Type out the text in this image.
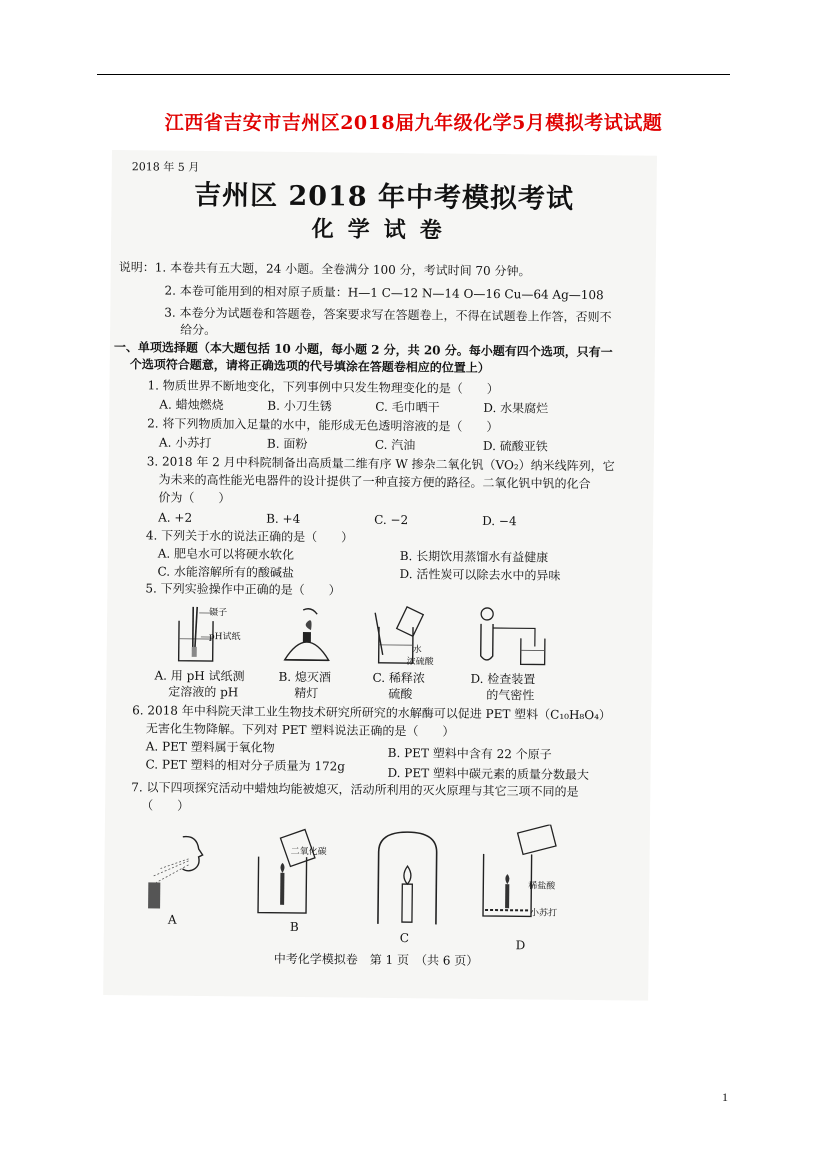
江西省吉安市吉州区2018届九年级化学5月模拟考试试题
2018 年 5 月
吉州区 2018 年中考模拟考试
化学试卷
说明：1. 本卷共有五大题，24 小题。全卷满分 100 分，考试时间 70 分钟。
2. 本卷可能用到的相对原子质量：H—1 C—12 N—14 O—16 Cu—64 Ag—108
3. 本卷分为试题卷和答题卷，答案要求写在答题卷上，不得在试题卷上作答，否则不
给分。
一、单项选择题（本大题包括 10 小题，每小题 2 分，共 20 分。每小题有四个选项，只有一
个选项符合题意，请将正确选项的代号填涂在答题卷相应的位置上）
1. 物质世界不断地变化，下列事例中只发生物理变化的是（　　）
A. 蜡烛燃烧	B. 小刀生锈	C. 毛巾晒干	D. 水果腐烂
2. 将下列物质加入足量的水中，能形成无色透明溶液的是（　　）
A. 小苏打	B. 面粉	C. 汽油	D. 硫酸亚铁
3. 2018 年 2 月中科院制备出高质量二维有序 W 掺杂二氧化钒（VO₂）纳米线阵列，它
为未来的高性能光电器件的设计提供了一种直接方便的路径。二氧化钒中钒的化合
价为（　　）
A. +2	B. +4	C. −2	D. −4
4. 下列关于水的说法正确的是（　　）
A. 肥皂水可以将硬水软化	B. 长期饮用蒸馏水有益健康
C. 水能溶解所有的酸碱盐	D. 活性炭可以除去水中的异味
5. 下列实验操作中正确的是（　　）
镊子
pH试纸
水
浓硫酸
A. 用 pH 试纸测
定溶液的 pH
B. 熄灭酒
精灯
C. 稀释浓
硫酸
D. 检查装置
的气密性
6. 2018 年中科院天津工业生物技术研究所研究的水解酶可以促进 PET 塑料（C₁₀H₈O₄）
无害化生物降解。下列对 PET 塑料说法正确的是（　　）
A. PET 塑料属于氧化物	B. PET 塑料中含有 22 个原子
C. PET 塑料的相对分子质量为 172g
D. PET 塑料中碳元素的质量分数最大
7. 以下四项探究活动中蜡烛均能被熄灭，活动所利用的灭火原理与其它三项不同的是
（　　）
二氧化碳
稀盐酸
小苏打
A
B
C
D
中考化学模拟卷　第 1 页　（共 6 页）
1
